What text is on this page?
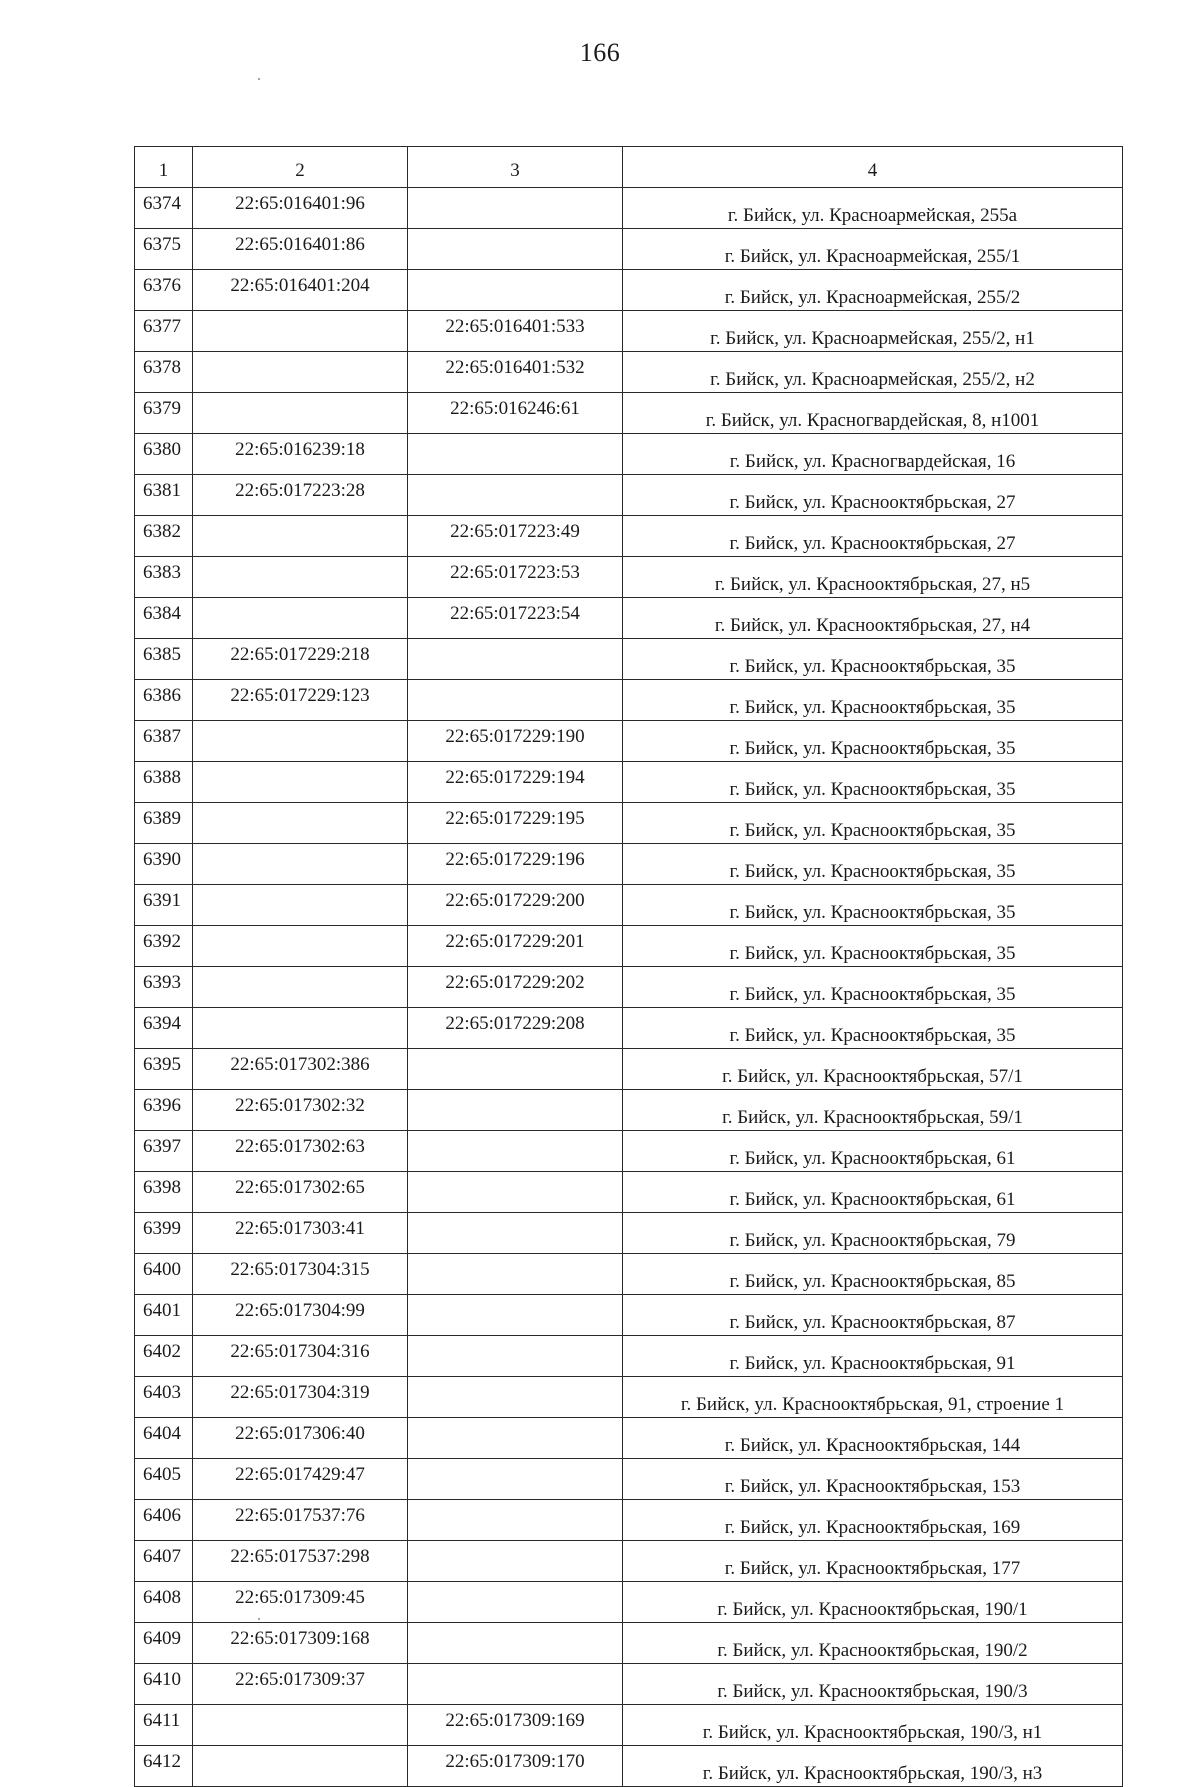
166
1	2	3	4
6374	22:65:016401:96		г. Бийск, ул. Красноармейская, 255а
6375	22:65:016401:86		г. Бийск, ул. Красноармейская, 255/1
6376	22:65:016401:204		г. Бийск, ул. Красноармейская, 255/2
6377		22:65:016401:533	г. Бийск, ул. Красноармейская, 255/2, н1
6378		22:65:016401:532	г. Бийск, ул. Красноармейская, 255/2, н2
6379		22:65:016246:61	г. Бийск, ул. Красногвардейская, 8, н1001
6380	22:65:016239:18		г. Бийск, ул. Красногвардейская, 16
6381	22:65:017223:28		г. Бийск, ул. Краснооктябрьская, 27
6382		22:65:017223:49	г. Бийск, ул. Краснооктябрьская, 27
6383		22:65:017223:53	г. Бийск, ул. Краснооктябрьская, 27, н5
6384		22:65:017223:54	г. Бийск, ул. Краснооктябрьская, 27, н4
6385	22:65:017229:218		г. Бийск, ул. Краснооктябрьская, 35
6386	22:65:017229:123		г. Бийск, ул. Краснооктябрьская, 35
6387		22:65:017229:190	г. Бийск, ул. Краснооктябрьская, 35
6388		22:65:017229:194	г. Бийск, ул. Краснооктябрьская, 35
6389		22:65:017229:195	г. Бийск, ул. Краснооктябрьская, 35
6390		22:65:017229:196	г. Бийск, ул. Краснооктябрьская, 35
6391		22:65:017229:200	г. Бийск, ул. Краснооктябрьская, 35
6392		22:65:017229:201	г. Бийск, ул. Краснооктябрьская, 35
6393		22:65:017229:202	г. Бийск, ул. Краснооктябрьская, 35
6394		22:65:017229:208	г. Бийск, ул. Краснооктябрьская, 35
6395	22:65:017302:386		г. Бийск, ул. Краснооктябрьская, 57/1
6396	22:65:017302:32		г. Бийск, ул. Краснооктябрьская, 59/1
6397	22:65:017302:63		г. Бийск, ул. Краснооктябрьская, 61
6398	22:65:017302:65		г. Бийск, ул. Краснооктябрьская, 61
6399	22:65:017303:41		г. Бийск, ул. Краснооктябрьская, 79
6400	22:65:017304:315		г. Бийск, ул. Краснооктябрьская, 85
6401	22:65:017304:99		г. Бийск, ул. Краснооктябрьская, 87
6402	22:65:017304:316		г. Бийск, ул. Краснооктябрьская, 91
6403	22:65:017304:319		г. Бийск, ул. Краснооктябрьская, 91, строение 1
6404	22:65:017306:40		г. Бийск, ул. Краснооктябрьская, 144
6405	22:65:017429:47		г. Бийск, ул. Краснооктябрьская, 153
6406	22:65:017537:76		г. Бийск, ул. Краснооктябрьская, 169
6407	22:65:017537:298		г. Бийск, ул. Краснооктябрьская, 177
6408	22:65:017309:45		г. Бийск, ул. Краснооктябрьская, 190/1
6409	22:65:017309:168		г. Бийск, ул. Краснооктябрьская, 190/2
6410	22:65:017309:37		г. Бийск, ул. Краснооктябрьская, 190/3
6411		22:65:017309:169	г. Бийск, ул. Краснооктябрьская, 190/3, н1
6412		22:65:017309:170	г. Бийск, ул. Краснооктябрьская, 190/3, н3
